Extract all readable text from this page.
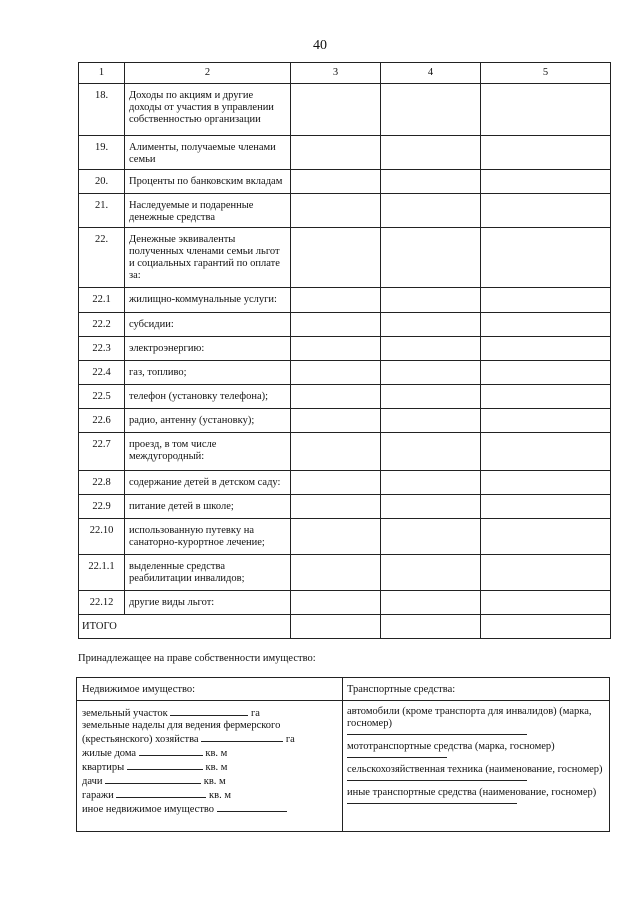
40
1	2	3	4	5
18.	Доходы по акциям и другие доходы от участия в управлении собственностью организации			
19.	Алименты, получаемые членами семьи			
20.	Проценты по банковским вкладам			
21.	Наследуемые и подаренные денежные средства			
22.	Денежные эквиваленты полученных членами семьи льгот и социальных гарантий по оплате за:			
22.1	жилищно-коммунальные услуги:			
22.2	субсидии:			
22.3	электроэнергию:			
22.4	газ, топливо;			
22.5	телефон (установку телефона);			
22.6	радио, антенну (установку);			
22.7	проезд, в том числе междугородный:			
22.8	содержание детей в детском саду:			
22.9	питание детей в школе;			
22.10	использованную путевку на санаторно-курортное лечение;			
22.1.1	выделенные средства реабилитации инвалидов;			
22.12	другие виды льгот:			
ИТОГО				
Принадлежащее на праве собственности имущество:
Недвижимое имущество:	Транспортные средства:
земельный участок	га
земельные наделы для ведения фермерского
(крестьянского) хозяйства	га
жилые дома	кв. м
квартиры	кв. м
дачи	кв. м
гаражи	кв. м
иное недвижимое имущество
автомобили (кроме транспорта для инвалидов) (марка, госномер)
мототранспортные средства (марка, госномер)
сельскохозяйственная техника (наименование, госномер)
иные транспортные средства (наименование, госномер)
